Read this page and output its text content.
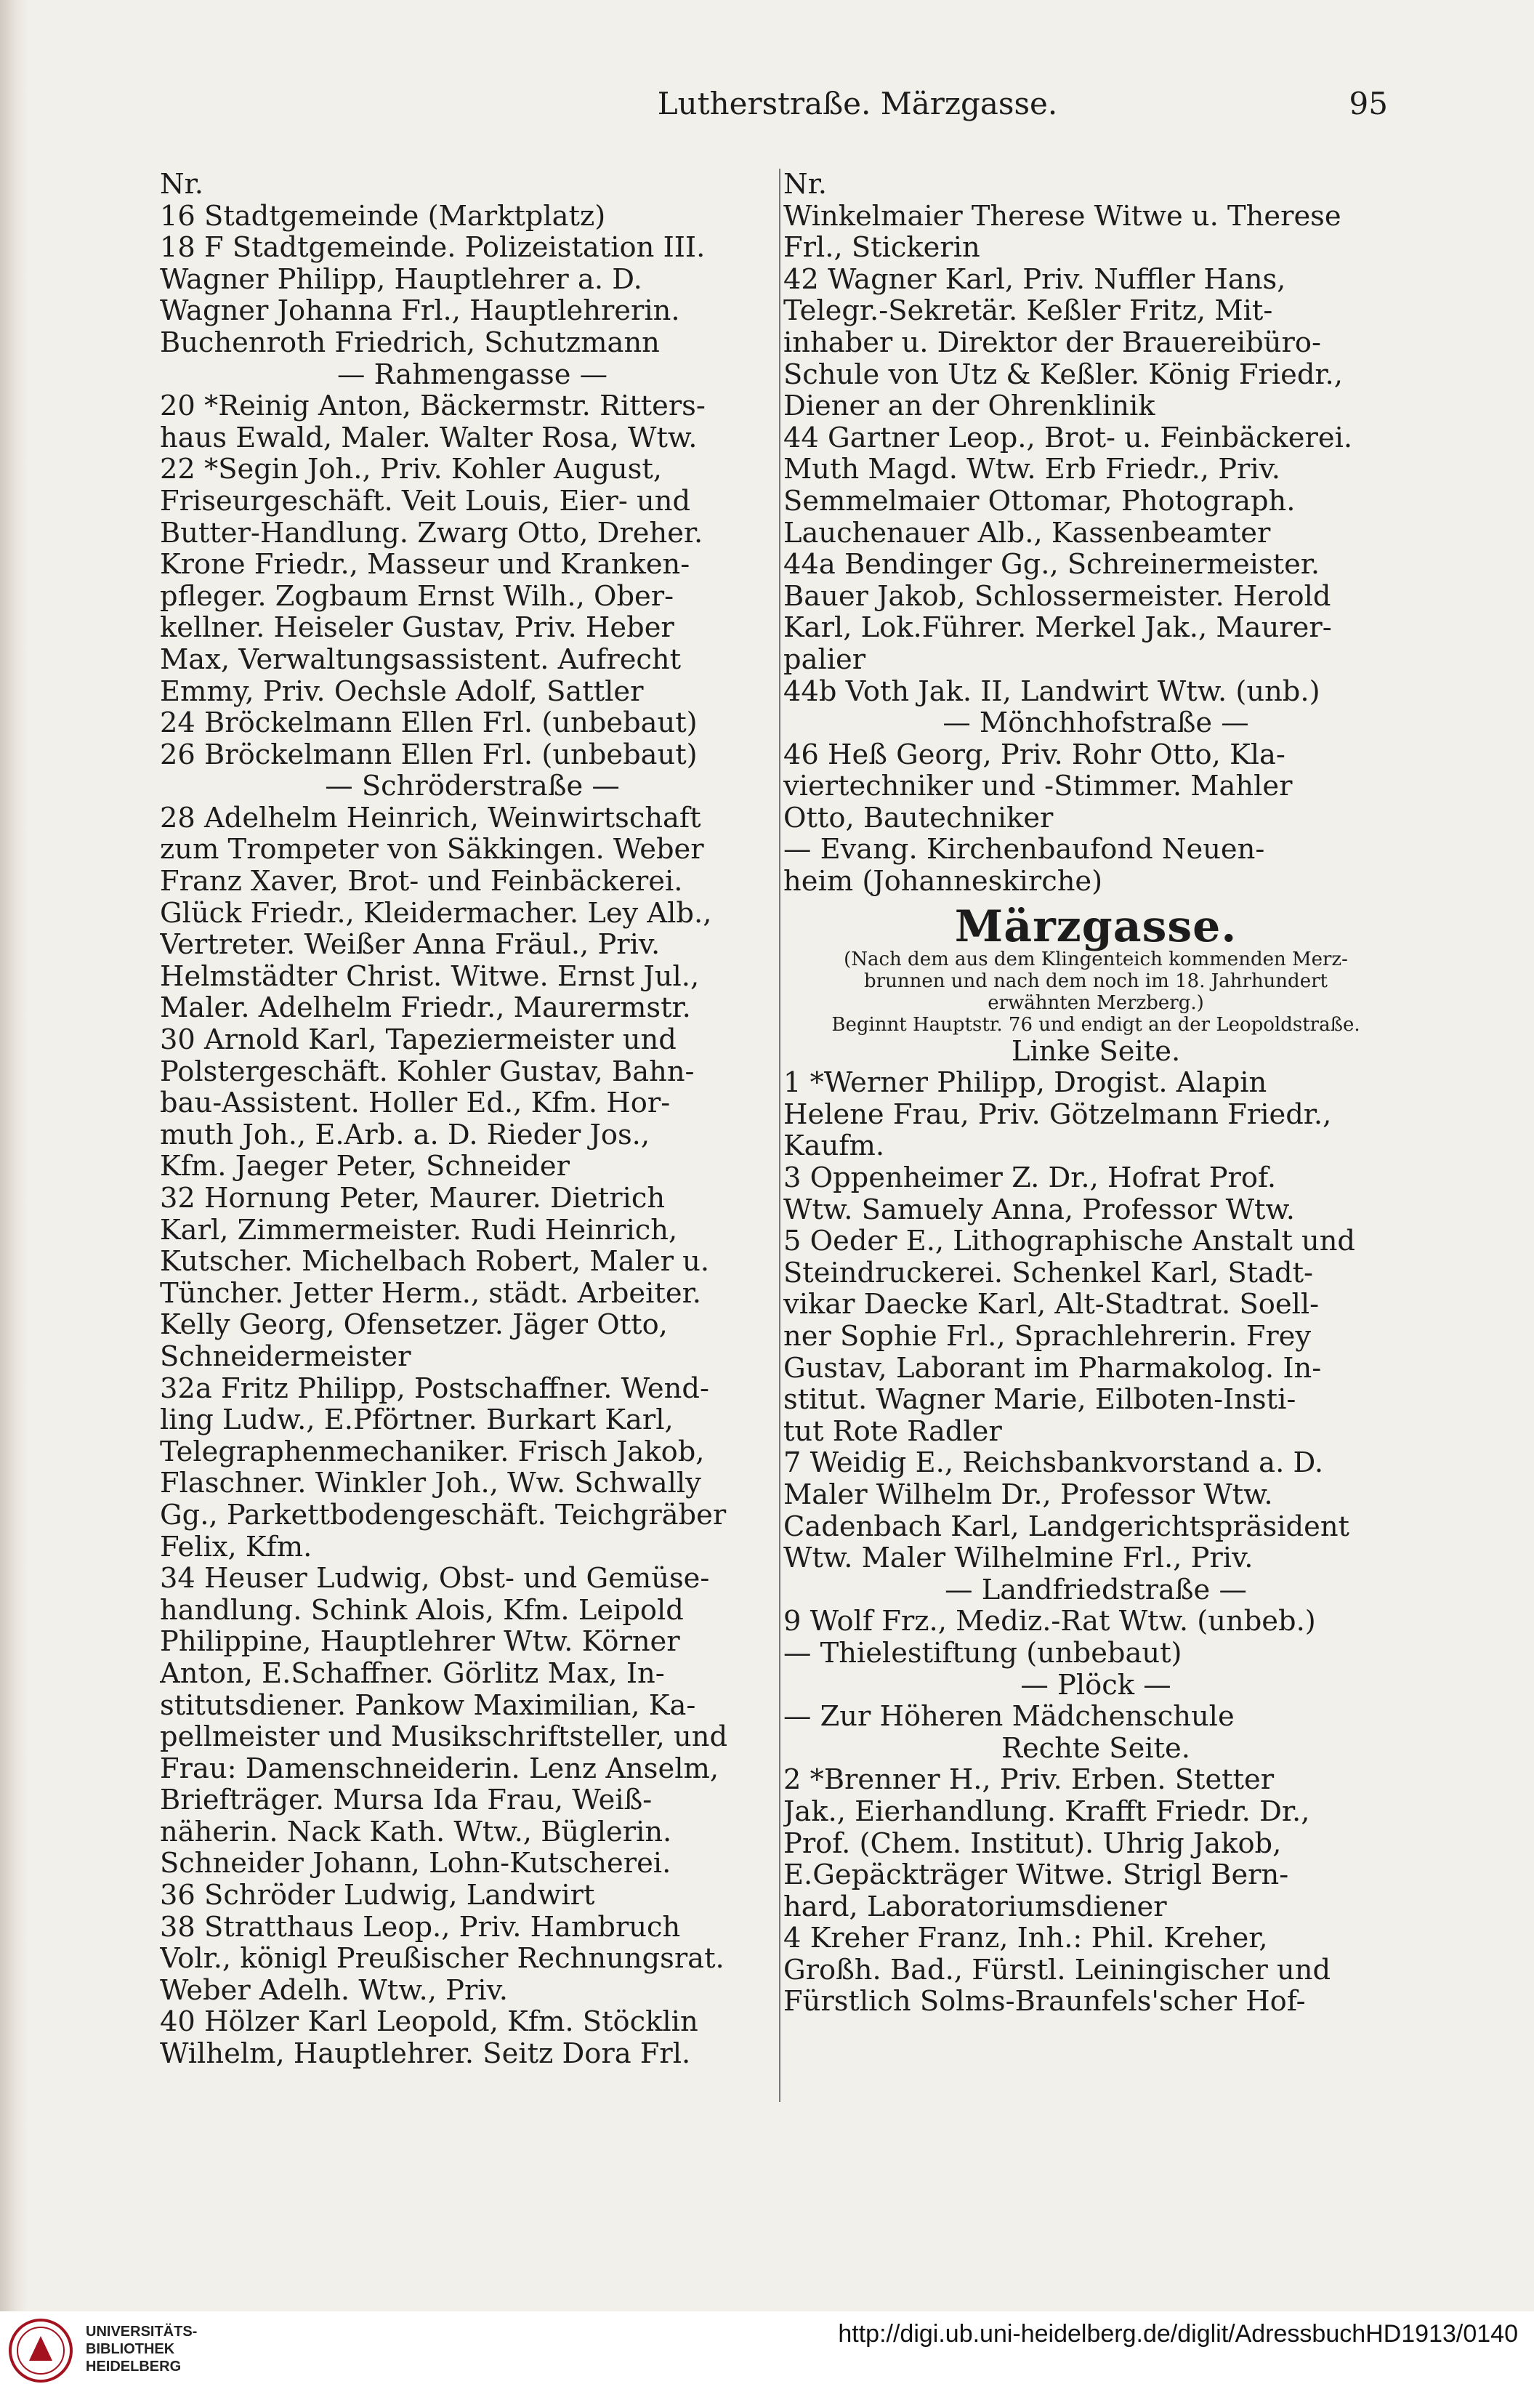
Lutherstraße. Märzgasse.	95
Nr.
16 Stadtgemeinde (Marktplatz)
18 F Stadtgemeinde. Polizeistation III.
Wagner Philipp, Hauptlehrer a. D.
Wagner Johanna Frl., Hauptlehrerin.
Buchenroth Friedrich, Schutzmann
— Rahmengasse —
20 *Reinig Anton, Bäckermstr. Ritters-
haus Ewald, Maler. Walter Rosa, Wtw.
22 *Segin Joh., Priv. Kohler August,
Friseurgeschäft. Veit Louis, Eier- und
Butter-Handlung. Zwarg Otto, Dreher.
Krone Friedr., Masseur und Kranken-
pfleger. Zogbaum Ernst Wilh., Ober-
kellner. Heiseler Gustav, Priv. Heber
Max, Verwaltungsassistent. Aufrecht
Emmy, Priv. Oechsle Adolf, Sattler
24 Bröckelmann Ellen Frl. (unbebaut)
26 Bröckelmann Ellen Frl. (unbebaut)
— Schröderstraße —
28 Adelhelm Heinrich, Weinwirtschaft
zum Trompeter von Säkkingen. Weber
Franz Xaver, Brot- und Feinbäckerei.
Glück Friedr., Kleidermacher. Ley Alb.,
Vertreter. Weißer Anna Fräul., Priv.
Helmstädter Christ. Witwe. Ernst Jul.,
Maler. Adelhelm Friedr., Maurermstr.
30 Arnold Karl, Tapeziermeister und
Polstergeschäft. Kohler Gustav, Bahn-
bau-Assistent. Holler Ed., Kfm. Hor-
muth Joh., E.Arb. a. D. Rieder Jos.,
Kfm. Jaeger Peter, Schneider
32 Hornung Peter, Maurer. Dietrich
Karl, Zimmermeister. Rudi Heinrich,
Kutscher. Michelbach Robert, Maler u.
Tüncher. Jetter Herm., städt. Arbeiter.
Kelly Georg, Ofensetzer. Jäger Otto,
Schneidermeister
32a Fritz Philipp, Postschaffner. Wend-
ling Ludw., E.Pförtner. Burkart Karl,
Telegraphenmechaniker. Frisch Jakob,
Flaschner. Winkler Joh., Ww. Schwally
Gg., Parkettbodengeschäft. Teichgräber
Felix, Kfm.
34 Heuser Ludwig, Obst- und Gemüse-
handlung. Schink Alois, Kfm. Leipold
Philippine, Hauptlehrer Wtw. Körner
Anton, E.Schaffner. Görlitz Max, In-
stitutsdiener. Pankow Maximilian, Ka-
pellmeister und Musikschriftsteller, und
Frau: Damenschneiderin. Lenz Anselm,
Briefträger. Mursa Ida Frau, Weiß-
näherin. Nack Kath. Wtw., Büglerin.
Schneider Johann, Lohn-Kutscherei.
36 Schröder Ludwig, Landwirt
38 Stratthaus Leop., Priv. Hambruch
Volr., königl Preußischer Rechnungsrat.
Weber Adelh. Wtw., Priv.
40 Hölzer Karl Leopold, Kfm. Stöcklin
Wilhelm, Hauptlehrer. Seitz Dora Frl.
Nr.
Winkelmaier Therese Witwe u. Therese
Frl., Stickerin
42 Wagner Karl, Priv. Nuffler Hans,
Telegr.-Sekretär. Keßler Fritz, Mit-
inhaber u. Direktor der Brauereibüro-
Schule von Utz & Keßler. König Friedr.,
Diener an der Ohrenklinik
44 Gartner Leop., Brot- u. Feinbäckerei.
Muth Magd. Wtw. Erb Friedr., Priv.
Semmelmaier Ottomar, Photograph.
Lauchenauer Alb., Kassenbeamter
44a Bendinger Gg., Schreinermeister.
Bauer Jakob, Schlossermeister. Herold
Karl, Lok.Führer. Merkel Jak., Maurer-
palier
44b Voth Jak. II, Landwirt Wtw. (unb.)
— Mönchhofstraße —
46 Heß Georg, Priv. Rohr Otto, Kla-
viertechniker und -Stimmer. Mahler
Otto, Bautechniker
— Evang. Kirchenbaufond Neuen-
heim (Johanneskirche)
Märzgasse.
(Nach dem aus dem Klingenteich kommenden Merz-
brunnen und nach dem noch im 18. Jahrhundert
erwähnten Merzberg.)
Beginnt Hauptstr. 76 und endigt an der Leopoldstraße.
Linke Seite.
1 *Werner Philipp, Drogist. Alapin
Helene Frau, Priv. Götzelmann Friedr.,
Kaufm.
3 Oppenheimer Z. Dr., Hofrat Prof.
Wtw. Samuely Anna, Professor Wtw.
5 Oeder E., Lithographische Anstalt und
Steindruckerei. Schenkel Karl, Stadt-
vikar Daecke Karl, Alt-Stadtrat. Soell-
ner Sophie Frl., Sprachlehrerin. Frey
Gustav, Laborant im Pharmakolog. In-
stitut. Wagner Marie, Eilboten-Insti-
tut Rote Radler
7 Weidig E., Reichsbankvorstand a. D.
Maler Wilhelm Dr., Professor Wtw.
Cadenbach Karl, Landgerichtspräsident
Wtw. Maler Wilhelmine Frl., Priv.
— Landfriedstraße —
9 Wolf Frz., Mediz.-Rat Wtw. (unbeb.)
— Thielestiftung (unbebaut)
— Plöck —
— Zur Höheren Mädchenschule
Rechte Seite.
2 *Brenner H., Priv. Erben. Stetter
Jak., Eierhandlung. Krafft Friedr. Dr.,
Prof. (Chem. Institut). Uhrig Jakob,
E.Gepäckträger Witwe. Strigl Bern-
hard, Laboratoriumsdiener
4 Kreher Franz, Inh.: Phil. Kreher,
Großh. Bad., Fürstl. Leiningischer und
Fürstlich Solms-Braunfels'scher Hof-
UNIVERSITÄTS-
BIBLIOTHEK
HEIDELBERG
http://digi.ub.uni-heidelberg.de/diglit/AdressbuchHD1913/0140
